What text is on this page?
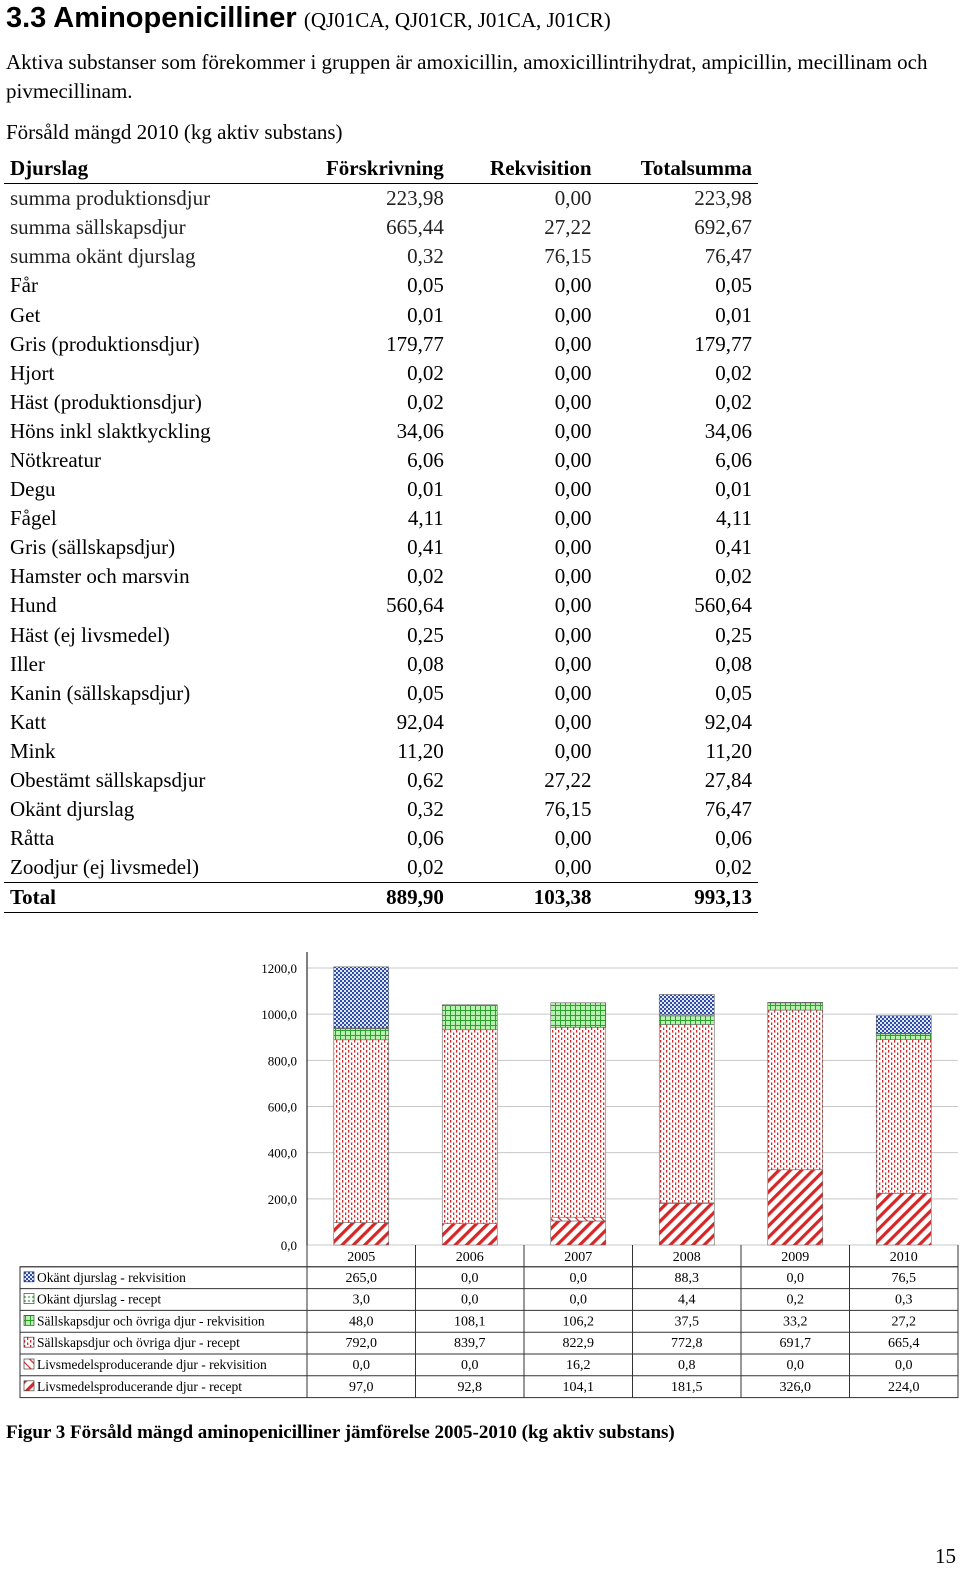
3.3 Aminopenicilliner (QJ01CA, QJ01CR, J01CA, J01CR)

Aktiva substanser som förekommer i gruppen är amoxicillin, amoxicillintrihydrat, ampicillin, mecillinam och pivmecillinam.

Försåld mängd 2010 (kg aktiv substans)

Djurslag	Förskrivning	Rekvisition	Totalsumma
summa produktionsdjur	223,98	0,00	223,98
summa sällskapsdjur	665,44	27,22	692,67
summa okänt djurslag	0,32	76,15	76,47
Får	0,05	0,00	0,05
Get	0,01	0,00	0,01
Gris (produktionsdjur)	179,77	0,00	179,77
Hjort	0,02	0,00	0,02
Häst (produktionsdjur)	0,02	0,00	0,02
Höns inkl slaktkyckling	34,06	0,00	34,06
Nötkreatur	6,06	0,00	6,06
Degu	0,01	0,00	0,01
Fågel	4,11	0,00	4,11
Gris (sällskapsdjur)	0,41	0,00	0,41
Hamster och marsvin	0,02	0,00	0,02
Hund	560,64	0,00	560,64
Häst (ej livsmedel)	0,25	0,00	0,25
Iller	0,08	0,00	0,08
Kanin (sällskapsdjur)	0,05	0,00	0,05
Katt	92,04	0,00	92,04
Mink	11,20	0,00	11,20
Obestämt sällskapsdjur	0,62	27,22	27,84
Okänt djurslag	0,32	76,15	76,47
Råtta	0,06	0,00	0,06
Zoodjur (ej livsmedel)	0,02	0,00	0,02
Total	889,90	103,38	993,13
0,0
200,0
400,0
600,0
800,0
1000,0
1200,0
2005	2006	2007	2008	2009	2010
Okänt djurslag - rekvisition	265,0	0,0	0,0	88,3	0,0	76,5
Okänt djurslag - recept	3,0	0,0	0,0	4,4	0,2	0,3
Sällskapsdjur och övriga djur - rekvisition	48,0	108,1	106,2	37,5	33,2	27,2
Sällskapsdjur och övriga djur - recept	792,0	839,7	822,9	772,8	691,7	665,4
Livsmedelsproducerande djur - rekvisition	0,0	0,0	16,2	0,8	0,0	0,0
Livsmedelsproducerande djur - recept	97,0	92,8	104,1	181,5	326,0	224,0

Figur 3 Försåld mängd aminopenicilliner jämförelse 2005-2010 (kg aktiv substans)

15
